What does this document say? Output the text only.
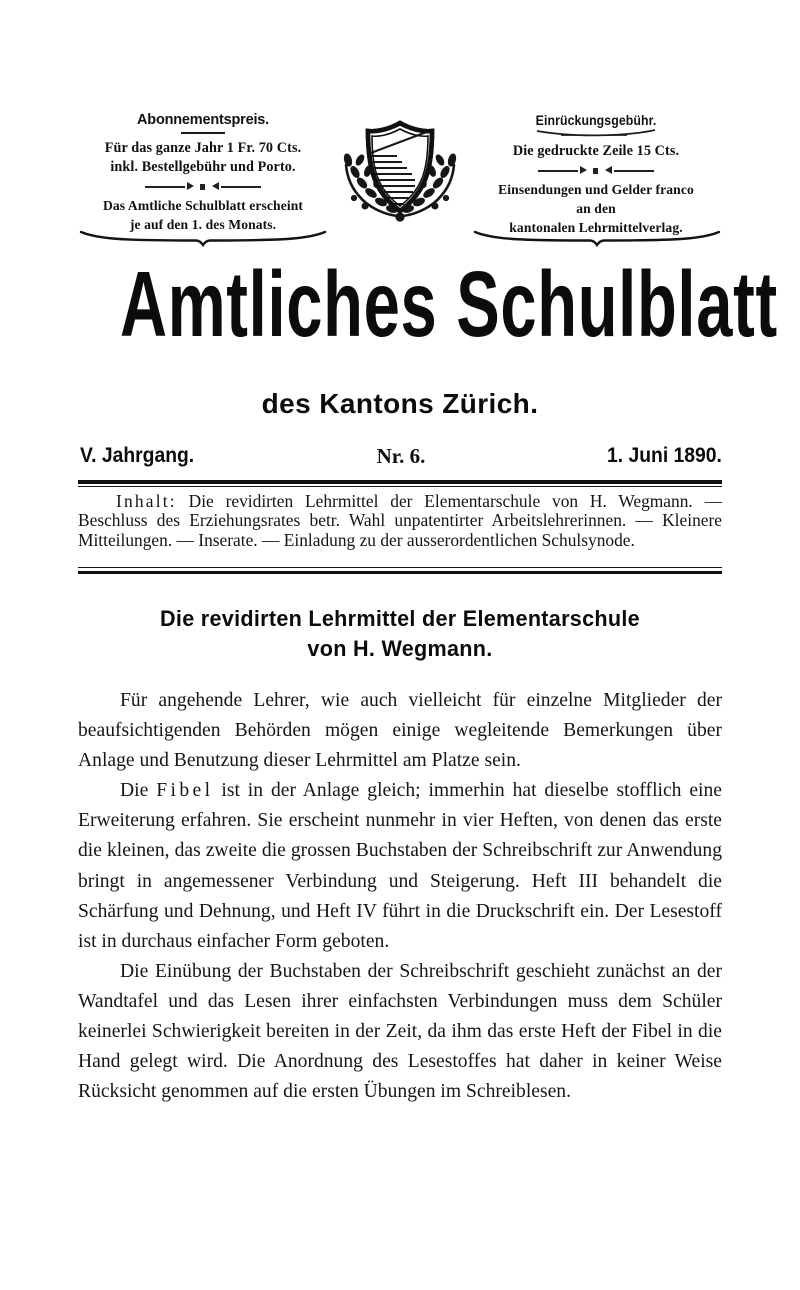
Abonnementspreis.
Für das ganze Jahr 1 Fr. 70 Cts.
inkl. Bestellgebühr und Porto.
Das Amtliche Schulblatt erscheint
je auf den 1. des Monats.
Einrückungsgebühr.
Die gedruckte Zeile 15 Cts.
Einsendungen und Gelder franco
an den
kantonalen Lehrmittelverlag.
Amtliches Schulblatt
des Kantons Zürich.
V. Jahrgang.	Nr. 6.	1. Juni 1890.
Inhalt: Die revidirten Lehrmittel der Elementarschule von H. Wegmann. — Beschluss des Erziehungsrates betr. Wahl unpatentirter Arbeitslehrerinnen. — Kleinere Mitteilungen. — Inserate. — Einladung zu der ausserordentlichen Schulsynode.
Die revidirten Lehrmittel der Elementarschule
von H. Wegmann.

Für angehende Lehrer, wie auch vielleicht für einzelne Mitglieder der beaufsichtigenden Behörden mögen einige wegleitende Bemerkungen über Anlage und Benutzung dieser Lehrmittel am Platze sein.

Die Fibel ist in der Anlage gleich; immerhin hat dieselbe stofflich eine Erweiterung erfahren. Sie erscheint nunmehr in vier Heften, von denen das erste die kleinen, das zweite die grossen Buchstaben der Schreibschrift zur Anwendung bringt in angemessener Verbindung und Steigerung. Heft III behandelt die Schärfung und Dehnung, und Heft IV führt in die Druckschrift ein. Der Lesestoff ist in durchaus einfacher Form geboten.

Die Einübung der Buchstaben der Schreibschrift geschieht zunächst an der Wandtafel und das Lesen ihrer einfachsten Verbindungen muss dem Schüler keinerlei Schwierigkeit bereiten in der Zeit, da ihm das erste Heft der Fibel in die Hand gelegt wird. Die Anordnung des Lesestoffes hat daher in keiner Weise Rücksicht genommen auf die ersten Übungen im Schreiblesen.
